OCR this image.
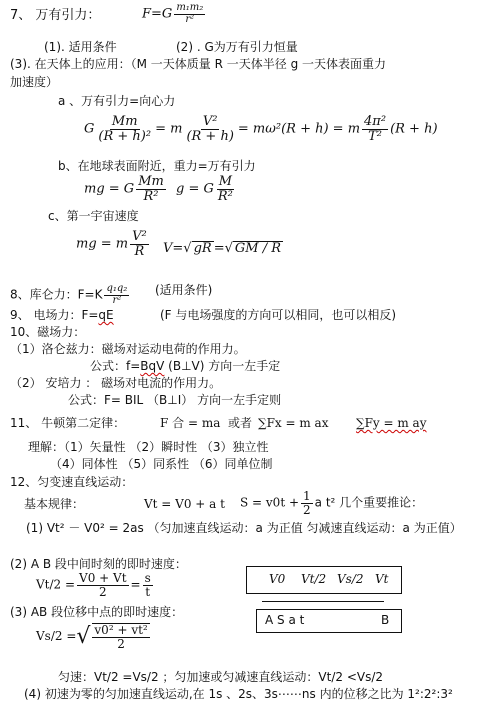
7、 万有引力：	$F=G \frac{\text{m₁m₂}}{\text{r²}}$
(1). 适用条件	(2) . G为万有引力恒量
(3). 在天体上的应用：（M 一天体质量 R 一天体半径 g 一天体表面重力
加速度）
a 、万有引力=向心力
G $\frac{Mm}{\text{(R + h)²}} = m \frac{\text{V²}}{(R + h)} = m\omega^2(R + h) = m \frac{\text{4π²}}{\text{T²}} (R + h)$
b、在地球表面附近，重力=万有引力
mg = G $\frac{Mm}{\text{R²}}$ g = G $\frac{M}{\text{R²}}$
c、第一宇宙速度
mg = m $\frac{\text{V²}}{R} V=√$ gR =√ GM / R
8、库仑力：$F=K \frac{\text{q₁q₂}}{\text{r²}}$ (适用条件)
9、 电场力：F=qE	(F 与电场强度的方向可以相同，也可以相反)
10、磁场力：
（1）洛仑兹力：磁场对运动电荷的作用力。
公式：f=BqV (B⊥V) 方向一左手定
（2） 安培力 ： 磁场对电流的作用力。
公式：F= BIL （B⊥I） 方向一左手定则
11、 牛顿第二定律：	F 合 = ma 或者 ∑Fx = m ax ∑Fy = m ay
理解：（1）矢量性 （2）瞬时性 （3）独立性
（4）同体性 （5）同系性 （6）同单位制
12、匀变速直线运动：
基本规律：	Vt = V0 + a t $S = v0t + \frac{1}{2}$ a t² 几个重要推论：
(1) Vt² － V0² = 2as （匀加速直线运动：a 为正值 匀减速直线运动：a 为正值）
(2) A B 段中间时刻的即时速度：
$Vt/2 = \frac{V0 + Vt}{2} = \frac{s}{t}$	V0 Vt/2 Vs/2 Vt
(3) AB 段位移中点的即时速度：
Vs/2 =√ $\frac{\text{v0² + vt²}}{2}$
A S a t	B
匀速：Vt/2 =Vs/2 ；匀加速或匀减速直线运动：Vt/2 <Vs/2
(4) 初速为零的匀加速直线运动,在 1s 、2s、3s⋯⋯ns 内的位移之比为 1²:2²:3²
